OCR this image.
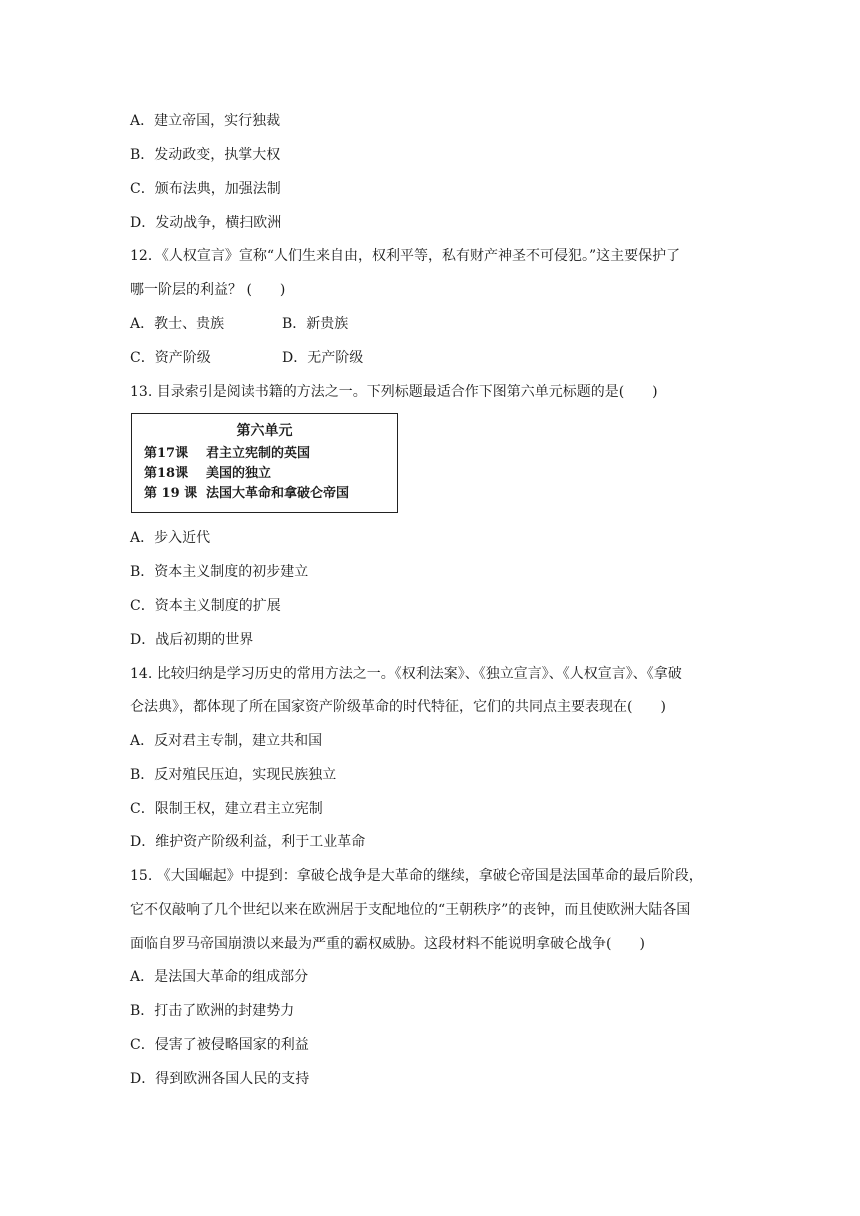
A．建立帝国，实行独裁
B．发动政变，执掌大权
C．颁布法典，加强法制
D．发动战争，横扫欧洲
12．《人权宣言》宣称“人们生来自由，权利平等，私有财产神圣不可侵犯。”这主要保护了
哪一阶层的利益？ (　　)
A．教士、贵族	B．新贵族
C．资产阶级	D．无产阶级
13. 目录索引是阅读书籍的方法之一。下列标题最适合作下图第六单元标题的是(　　)
第六单元
第17课 君主立宪制的英国
第18课 美国的独立
第 19 课 法国大革命和拿破仑帝国
A．步入近代
B．资本主义制度的初步建立
C．资本主义制度的扩展
D．战后初期的世界
14. 比较归纳是学习历史的常用方法之一。《权利法案》、《独立宣言》、《人权宣言》、《拿破
仑法典》，都体现了所在国家资产阶级革命的时代特征，它们的共同点主要表现在(　　)
A．反对君主专制，建立共和国
B．反对殖民压迫，实现民族独立
C．限制王权，建立君主立宪制
D．维护资产阶级利益，利于工业革命
15. 《大国崛起》中提到：拿破仑战争是大革命的继续，拿破仑帝国是法国革命的最后阶段，
它不仅敲响了几个世纪以来在欧洲居于支配地位的“王朝秩序”的丧钟，而且使欧洲大陆各国
面临自罗马帝国崩溃以来最为严重的霸权威胁。这段材料不能说明拿破仑战争(　　)
A．是法国大革命的组成部分
B．打击了欧洲的封建势力
C．侵害了被侵略国家的利益
D．得到欧洲各国人民的支持
